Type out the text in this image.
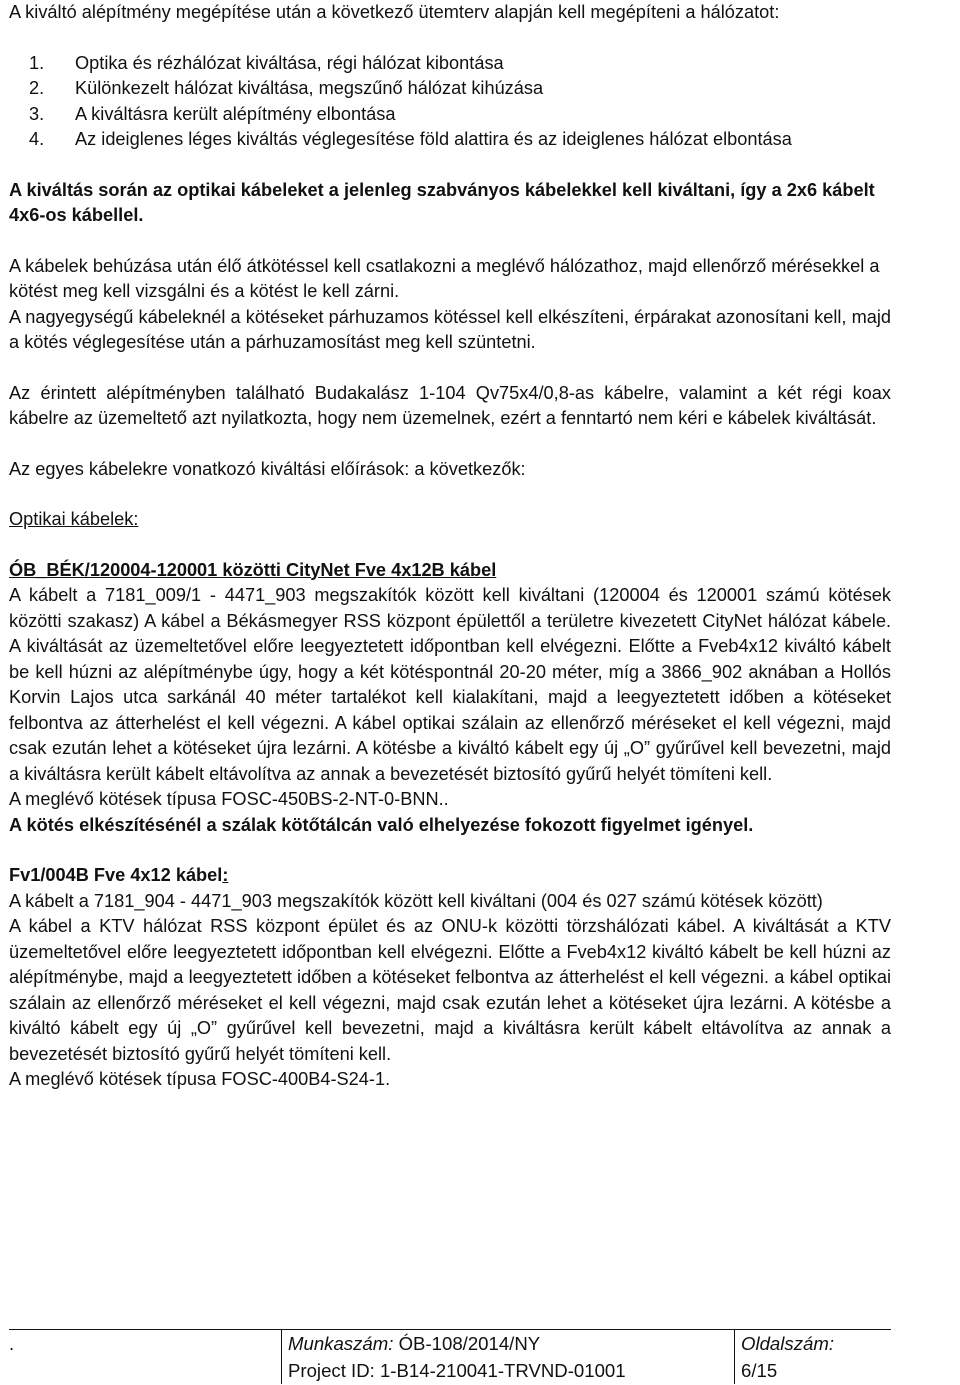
A kiváltó alépítmény megépítése után a következő ütemterv alapján kell megépíteni a hálózatot:

1. Optika és rézhálózat kiváltása, régi hálózat kibontása
2. Különkezelt hálózat kiváltása, megszűnő hálózat kihúzása
3. A kiváltásra került alépítmény elbontása
4. Az ideiglenes léges kiváltás véglegesítése föld alattira és az ideiglenes hálózat elbontása

A kiváltás során az optikai kábeleket a jelenleg szabványos kábelekkel kell kiváltani, így a 2x6 kábelt 4x6-os kábellel.

A kábelek behúzása után élő átkötéssel kell csatlakozni a meglévő hálózathoz, majd ellenőrző mérésekkel a kötést meg kell vizsgálni és a kötést le kell zárni.

A nagyegységű kábeleknél a kötéseket párhuzamos kötéssel kell elkészíteni, érpárakat azonosítani kell, majd a kötés véglegesítése után a párhuzamosítást meg kell szüntetni.

Az érintett alépítményben található Budakalász 1-104 Qv75x4/0,8-as kábelre, valamint a két régi koax kábelre az üzemeltető azt nyilatkozta, hogy nem üzemelnek, ezért a fenntartó nem kéri e kábelek kiváltását.

Az egyes kábelekre vonatkozó kiváltási előírások: a következők:

Optikai kábelek:

ÓB_BÉK/120004-120001 közötti CityNet Fve 4x12B kábel

A kábelt a 7181_009/1 - 4471_903 megszakítók között kell kiváltani (120004 és 120001 számú kötések közötti szakasz) A kábel a Békásmegyer RSS központ épülettől a területre kivezetett CityNet hálózat kábele. A kiváltását az üzemeltetővel előre leegyeztetett időpontban kell elvégezni. Előtte a Fveb4x12 kiváltó kábelt be kell húzni az alépítménybe úgy, hogy a két kötéspontnál 20-20 méter, míg a 3866_902 aknában a Hollós Korvin Lajos utca sarkánál 40 méter tartalékot kell kialakítani, majd a leegyeztetett időben a kötéseket felbontva az átterhelést el kell végezni. A kábel optikai szálain az ellenőrző méréseket el kell végezni, majd csak ezután lehet a kötéseket újra lezárni. A kötésbe a kiváltó kábelt egy új „O” gyűrűvel kell bevezetni, majd a kiváltásra került kábelt eltávolítva az annak a bevezetését biztosító gyűrű helyét tömíteni kell.

A meglévő kötések típusa FOSC-450BS-2-NT-0-BNN..

A kötés elkészítésénél a szálak kötőtálcán való elhelyezése fokozott figyelmet igényel.

Fv1/004B Fve 4x12 kábel:

A kábelt a 7181_904 - 4471_903 megszakítók között kell kiváltani (004 és 027 számú kötések között)

A kábel a KTV hálózat RSS központ épület és az ONU-k közötti törzshálózati kábel. A kiváltását a KTV üzemeltetővel előre leegyeztetett időpontban kell elvégezni. Előtte a Fveb4x12 kiváltó kábelt be kell húzni az alépítménybe, majd a leegyeztetett időben a kötéseket felbontva az átterhelést el kell végezni. a kábel optikai szálain az ellenőrző méréseket el kell végezni, majd csak ezután lehet a kötéseket újra lezárni. A kötésbe a kiváltó kábelt egy új „O” gyűrűvel kell bevezetni, majd a kiváltásra került kábelt eltávolítva az annak a bevezetését biztosító gyűrű helyét tömíteni kell.

A meglévő kötések típusa FOSC-400B4-S24-1.

.	Munkaszám: ÓB-108/2014/NY
Project ID: 1-B14-210041-TRVND-01001
Oldalszám:
6/15
